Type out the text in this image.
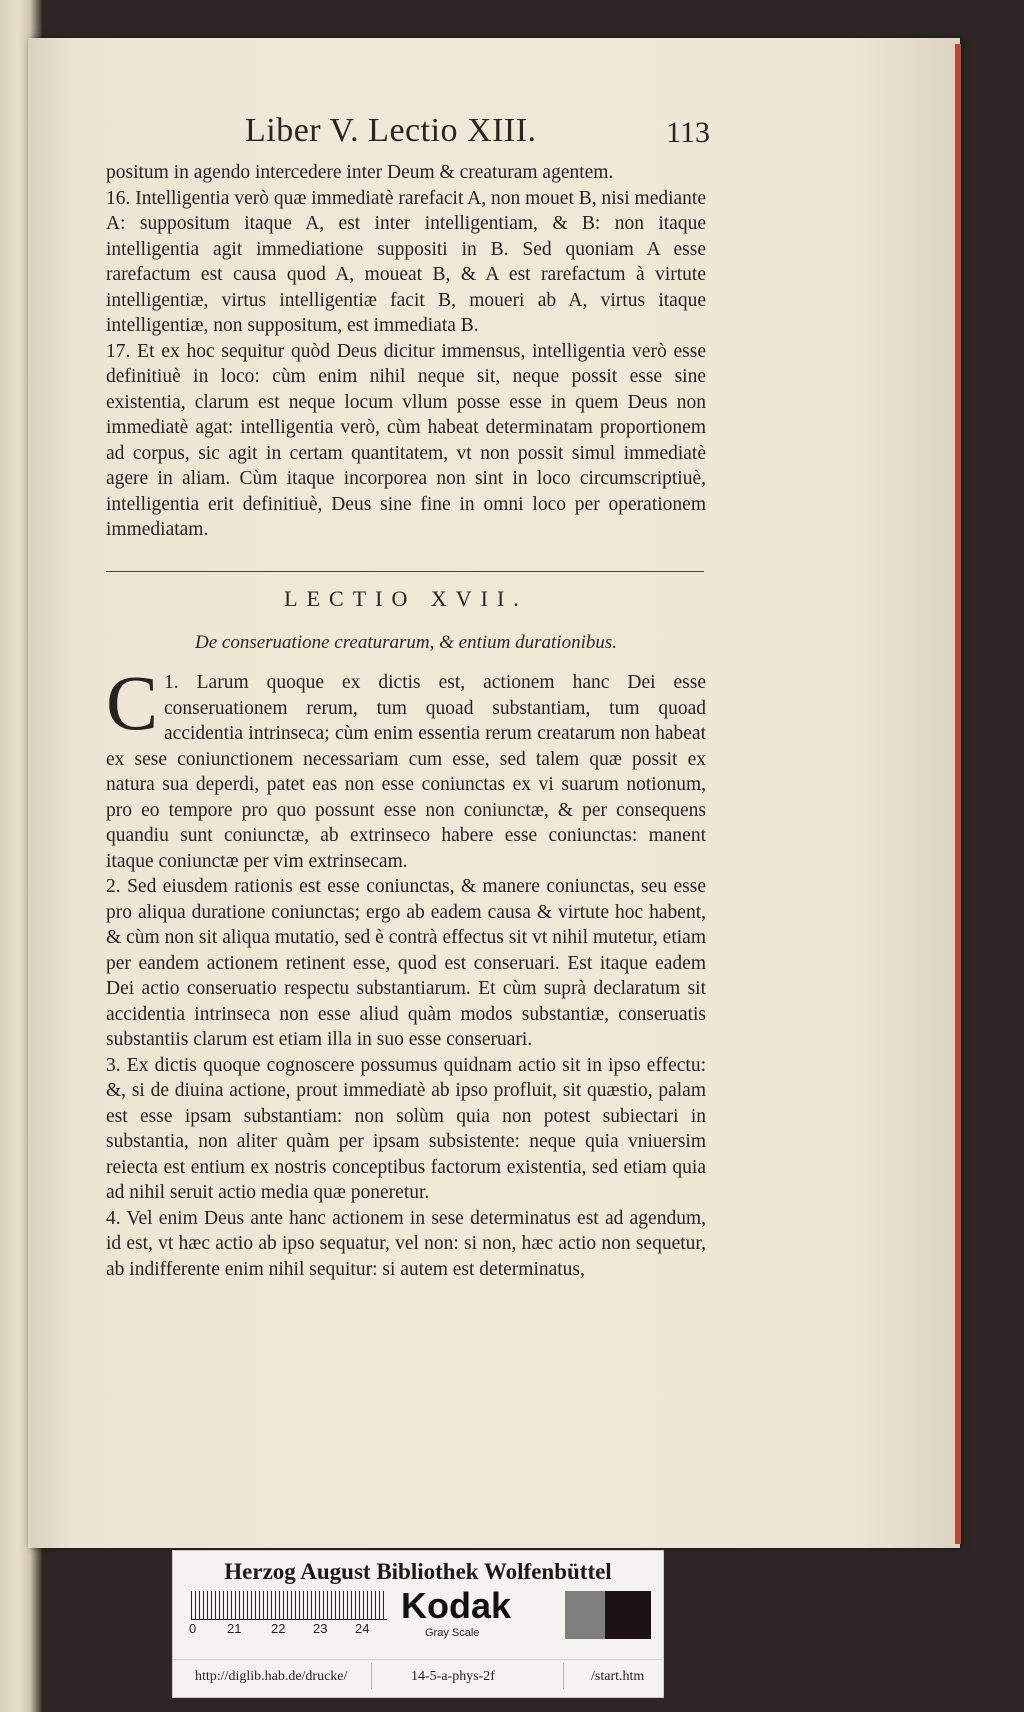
Liber V. Lectio XIII.	113

positum in agendo intercedere inter Deum & creaturam agentem.

16. Intelligentia verò quæ immediatè rarefacit A, non mouet B, nisi mediante A: suppositum itaque A, est inter intelligentiam, & B: non itaque intelligentia agit immediatione suppositi in B. Sed quoniam A esse rarefactum est causa quod A, moueat B, & A est rarefactum à virtute intelligentiæ, virtus intelligentiæ facit B, moueri ab A, virtus itaque intelligentiæ, non suppositum, est immediata B.

17. Et ex hoc sequitur quòd Deus dicitur immensus, intelligentia verò esse definitiuè in loco: cùm enim nihil neque sit, neque possit esse sine existentia, clarum est neque locum vllum posse esse in quem Deus non immediatè agat: intelligentia verò, cùm habeat determinatam proportionem ad corpus, sic agit in certam quantitatem, vt non possit simul immediatè agere in aliam. Cùm itaque incorporea non sint in loco circumscriptiuè, intelligentia erit definitiuè, Deus sine fine in omni loco per operationem immediatam.

LECTIO XVII.
De conseruatione creaturarum, & entium durationibus.

1.
C Larum quoque ex dictis est, actionem hanc Dei esse conseruationem rerum, tum quoad substantiam, tum quoad accidentia intrinseca; cùm enim essentia rerum creatarum non habeat ex sese coniunctionem necessariam cum esse, sed talem quæ possit ex natura sua deperdi, patet eas non esse coniunctas ex vi suarum notionum, pro eo tempore pro quo possunt esse non coniunctæ, & per consequens quandiu sunt coniunctæ, ab extrinseco habere esse coniunctas: manent itaque coniunctæ per vim extrinsecam.

2. Sed eiusdem rationis est esse coniunctas, & manere coniunctas, seu esse pro aliqua duratione coniunctas; ergo ab eadem causa & virtute hoc habent, & cùm non sit aliqua mutatio, sed è contrà effectus sit vt nihil mutetur, etiam per eandem actionem retinent esse, quod est conseruari. Est itaque eadem Dei actio conseruatio respectu substantiarum. Et cùm suprà declaratum sit accidentia intrinseca non esse aliud quàm modos substantiæ, conseruatis substantiis clarum est etiam illa in suo esse conseruari.

3. Ex dictis quoque cognoscere possumus quidnam actio sit in ipso effectu: &, si de diuina actione, prout immediatè ab ipso profluit, sit quæstio, palam est esse ipsam substantiam: non solùm quia non potest subiectari in substantia, non aliter quàm per ipsam subsistente: neque quia vniuersim reiecta est entium ex nostris conceptibus factorum existentia, sed etiam quia ad nihil seruit actio media quæ poneretur.

4. Vel enim Deus ante hanc actionem in sese determinatus est ad agendum, id est, vt hæc actio ab ipso sequatur, vel non: si non, hæc actio non sequetur, ab indifferente enim nihil sequitur: si autem est determinatus,

Herzog August Bibliothek Wolfenbüttel
0 21 22 23 24
Kodak
Gray Scale
http://diglib.hab.de/drucke/	14-5-a-phys-2f	/start.htm
